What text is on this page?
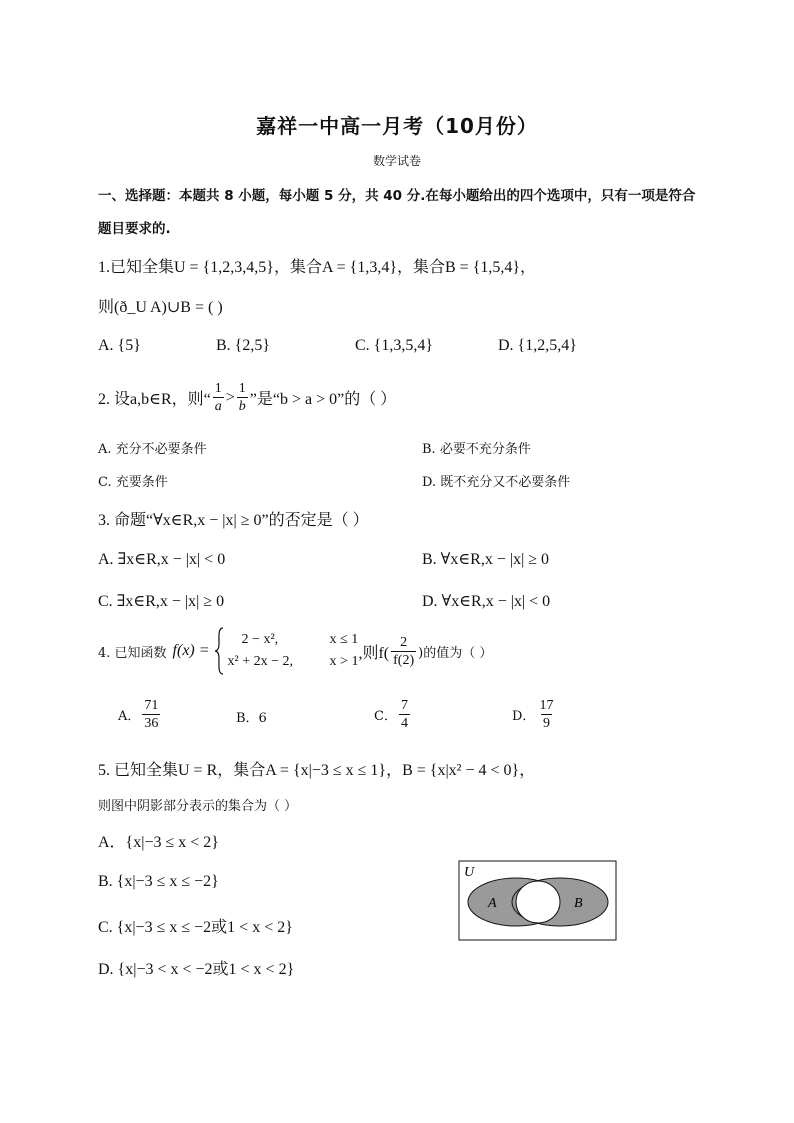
嘉祥一中高一月考（10月份）
数学试卷
一、选择题：本题共 8 小题，每小题 5 分，共 40 分.在每小题给出的四个选项中，只有一项是符合
题目要求的.
1.已知全集U = {1,2,3,4,5}，集合A = {1,3,4}，集合B = {1,5,4}，
则(ð_U A)∪B = ( )
A. {5}	B. {2,5}	C. {1,3,5,4}	D. {1,2,5,4}
2. 设a,b∈R，则“ $\frac{1}{a} > \frac{1}{b}$ ”是“b > a > 0”的（ ）
A. 充分不必要条件	B. 必要不充分条件
C. 充要条件	D. 既不充分又不必要条件
3. 命题“∀x∈R,x − |x| ≥ 0”的否定是（ ）
A. ∃x∈R,x − |x| < 0	B. ∀x∈R,x − |x| ≥ 0
C. ∃x∈R,x − |x| ≥ 0	D. ∀x∈R,x − |x| < 0
4. 已知函数 f(x) =
2 − x²,	x ≤ 1
x² + 2x − 2,	x > 1 ,则$f( \frac{2}{f(2)}$ )的值为（ ）
A． $\frac{71}{36}$	B．6	C． $\frac{7}{4}$	D． $\frac{17}{9}$
5. 已知全集U = R，集合A = {x|−3 ≤ x ≤ 1}，B = {x|x² − 4 < 0}，
则图中阴影部分表示的集合为（ ）
A．{x|−3 ≤ x < 2}
B. {x|−3 ≤ x ≤ −2}
C. {x|−3 ≤ x ≤ −2或1 < x < 2}
D. {x|−3 < x < −2或1 < x < 2}
U
A	B
